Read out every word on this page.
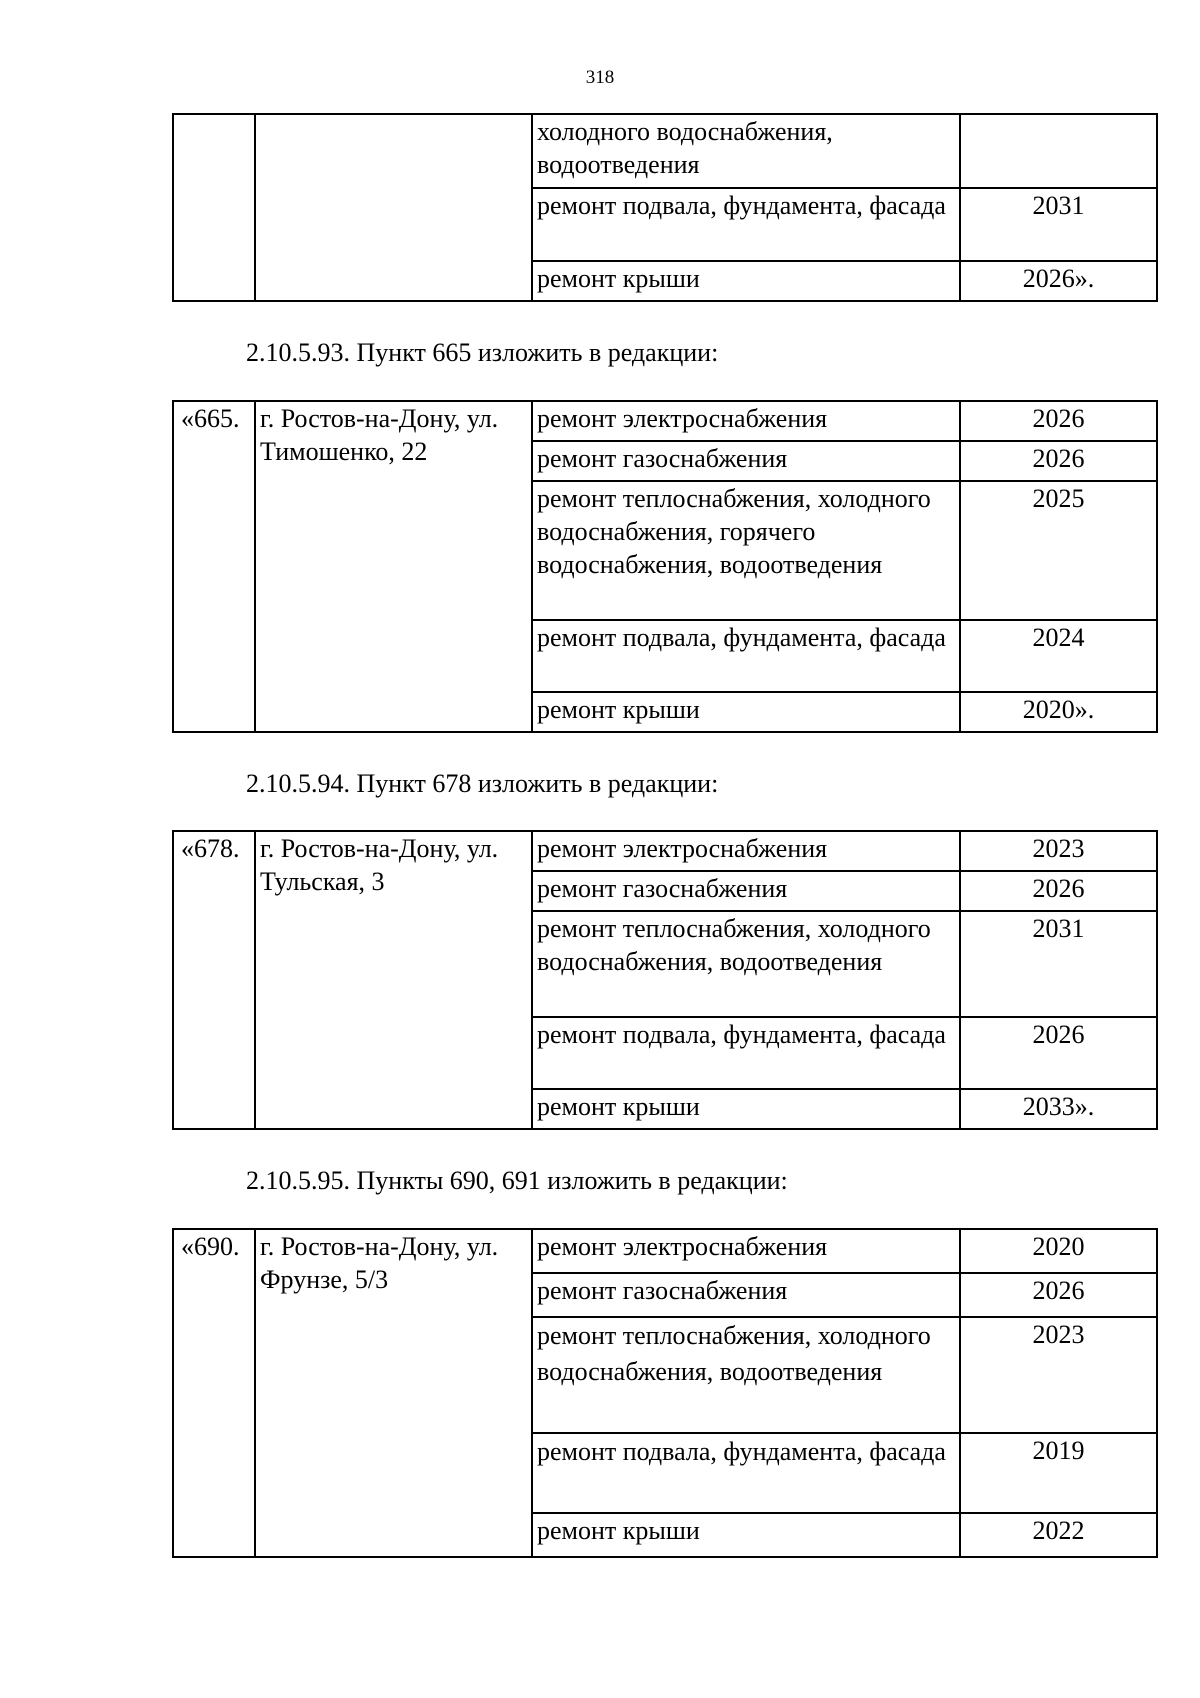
318
		холодного водоснабжения, водоотведения	
		ремонт подвала, фундамента, фасада	2031
		ремонт крыши	2026».
2.10.5.93. Пункт 665 изложить в редакции:
«665.	г. Ростов-на-Дону, ул. Тимошенко, 22	ремонт электроснабжения	2026
		ремонт газоснабжения	2026
		ремонт теплоснабжения, холодного водоснабжения, горячего водоснабжения, водоотведения	2025
		ремонт подвала, фундамента, фасада	2024
		ремонт крыши	2020».
2.10.5.94. Пункт 678 изложить в редакции:
«678.	г. Ростов-на-Дону, ул. Тульская, 3	ремонт электроснабжения	2023
		ремонт газоснабжения	2026
		ремонт теплоснабжения, холодного водоснабжения, водоотведения	2031
		ремонт подвала, фундамента, фасада	2026
		ремонт крыши	2033».
2.10.5.95. Пункты 690, 691 изложить в редакции:
«690.	г. Ростов-на-Дону, ул. Фрунзе, 5/3	ремонт электроснабжения	2020
		ремонт газоснабжения	2026
		ремонт теплоснабжения, холодного водоснабжения, водоотведения	2023
		ремонт подвала, фундамента, фасада	2019
		ремонт крыши	2022
